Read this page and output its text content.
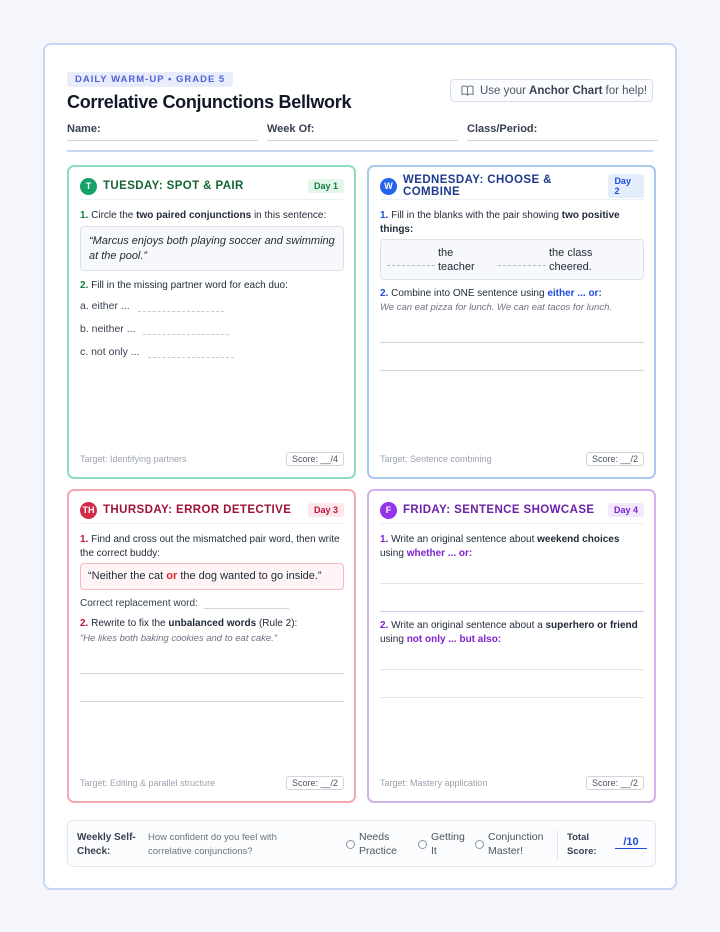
DAILY WARM-UP • GRADE 5
Correlative Conjunctions Bellwork
Use your Anchor Chart for help!
Name:	Week Of:	Class/Period:
T	TUESDAY: SPOT & PAIR	Day 1
1. Circle the two paired conjunctions in this sentence:
“Marcus enjoys both playing soccer and swimming at the pool.”
2. Fill in the missing partner word for each duo:
a. either ...
b. neither ...
c. not only ...
Target: Identifying partners	Score: __/4
W WEDNESDAY: CHOOSE & COMBINE
Day 2
1. Fill in the blanks with the pair showing two positive things:
the teacher
the class cheered.
2. Combine into ONE sentence using either ... or:
We can eat pizza for lunch. We can eat tacos for lunch.
Target: Sentence combining	Score: __/2
TH THURSDAY: ERROR DETECTIVE	Day 3
1. Find and cross out the mismatched pair word, then write the correct buddy:
“Neither the cat or the dog wanted to go inside.”
Correct replacement word:
2. Rewrite to fix the unbalanced words (Rule 2):
“He likes both baking cookies and to eat cake.”
Target: Editing & parallel structure	Score: __/2
F	FRIDAY: SENTENCE SHOWCASE	Day 4
1. Write an original sentence about weekend choices using whether ... or:
2. Write an original sentence about a superhero or friend using not only ... but also:
Target: Mastery application	Score: __/2
Weekly Self-
Check:
How confident do you feel with
correlative conjunctions?
Needs
Practice
Getting
It
Conjunction
Master!
Total
Score:
/10
